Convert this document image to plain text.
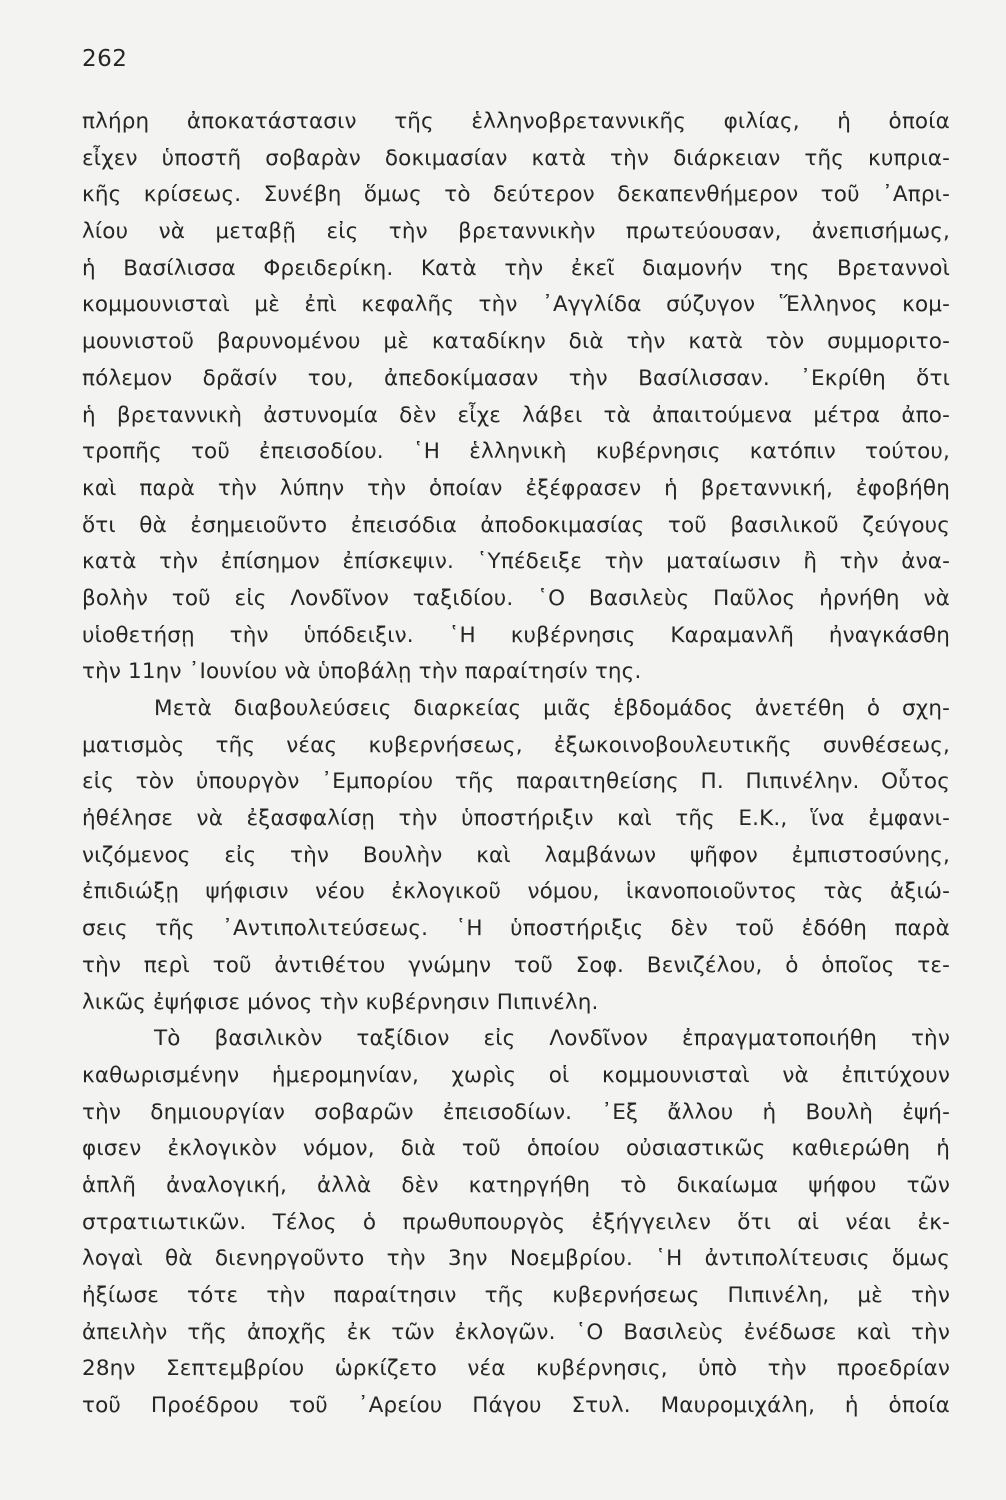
262
πλήρη ἀποκατάστασιν τῆς ἑλληνοβρεταννικῆς φιλίας, ἡ ὁποία
εἶχεν ὑποστῆ σοβαρὰν δοκιμασίαν κατὰ τὴν διάρκειαν τῆς κυπρια-
κῆς κρίσεως. Συνέβη ὅμως τὸ δεύτερον δεκαπενθήμερον τοῦ ᾿Απρι-
λίου νὰ μεταβῇ εἰς τὴν βρεταννικὴν πρωτεύουσαν, ἀνεπισήμως,
ἡ Βασίλισσα Φρειδερίκη. Κατὰ τὴν ἐκεῖ διαμονήν της Βρεταννοὶ
κομμουνισταὶ μὲ ἐπὶ κεφαλῆς τὴν ᾿Αγγλίδα σύζυγον Ἕλληνος κομ-
μουνιστοῦ βαρυνομένου μὲ καταδίκην διὰ τὴν κατὰ τὸν συμμοριτο-
πόλεμον δρᾶσίν του, ἀπεδοκίμασαν τὴν Βασίλισσαν. ᾿Εκρίθη ὅτι
ἡ βρεταννικὴ ἀστυνομία δὲν εἶχε λάβει τὰ ἀπαιτούμενα μέτρα ἀπο-
τροπῆς τοῦ ἐπεισοδίου. ῾Η ἑλληνικὴ κυβέρνησις κατόπιν τούτου,
καὶ παρὰ τὴν λύπην τὴν ὁποίαν ἐξέφρασεν ἡ βρεταννική, ἐφοβήθη
ὅτι θὰ ἐσημειοῦντο ἐπεισόδια ἀποδοκιμασίας τοῦ βασιλικοῦ ζεύγους
κατὰ τὴν ἐπίσημον ἐπίσκεψιν. ῾Υπέδειξε τὴν ματαίωσιν ἢ τὴν ἀνα-
βολὴν τοῦ εἰς Λονδῖνον ταξιδίου. ῾Ο Βασιλεὺς Παῦλος ἠρνήθη νὰ
υἱοθετήσῃ τὴν ὑπόδειξιν. ῾Η κυβέρνησις Καραμανλῆ ἠναγκάσθη
τὴν 11ην ᾿Ιουνίου νὰ ὑποβάλῃ τὴν παραίτησίν της.
Μετὰ διαβουλεύσεις διαρκείας μιᾶς ἑβδομάδος ἀνετέθη ὁ σχη-
ματισμὸς τῆς νέας κυβερνήσεως, ἐξωκοινοβουλευτικῆς συνθέσεως,
εἰς τὸν ὑπουργὸν ᾿Εμπορίου τῆς παραιτηθείσης Π. Πιπινέλην. Οὗτος
ἠθέλησε νὰ ἐξασφαλίσῃ τὴν ὑποστήριξιν καὶ τῆς Ε.Κ., ἵνα ἐμφανι-
νιζόμενος εἰς τὴν Βουλὴν καὶ λαμβάνων ψῆφον ἐμπιστοσύνης,
ἐπιδιώξῃ ψήφισιν νέου ἐκλογικοῦ νόμου, ἱκανοποιοῦντος τὰς ἀξιώ-
σεις τῆς ᾿Αντιπολιτεύσεως. ῾Η ὑποστήριξις δὲν τοῦ ἐδόθη παρὰ
τὴν περὶ τοῦ ἀντιθέτου γνώμην τοῦ Σοφ. Βενιζέλου, ὁ ὁποῖος τε-
λικῶς ἐψήφισε μόνος τὴν κυβέρνησιν Πιπινέλη.
Τὸ βασιλικὸν ταξίδιον εἰς Λονδῖνον ἐπραγματοποιήθη τὴν
καθωρισμένην ἡμερομηνίαν, χωρὶς οἱ κομμουνισταὶ νὰ ἐπιτύχουν
τὴν δημιουργίαν σοβαρῶν ἐπεισοδίων. ᾿Εξ ἄλλου ἡ Βουλὴ ἐψή-
φισεν ἐκλογικὸν νόμον, διὰ τοῦ ὁποίου οὐσιαστικῶς καθιερώθη ἡ
ἁπλῆ ἀναλογική, ἀλλὰ δὲν κατηργήθη τὸ δικαίωμα ψήφου τῶν
στρατιωτικῶν. Τέλος ὁ πρωθυπουργὸς ἐξήγγειλεν ὅτι αἱ νέαι ἐκ-
λογαὶ θὰ διενηργοῦντο τὴν 3ην Νοεμβρίου. ῾Η ἀντιπολίτευσις ὅμως
ἠξίωσε τότε τὴν παραίτησιν τῆς κυβερνήσεως Πιπινέλη, μὲ τὴν
ἀπειλὴν τῆς ἀποχῆς ἐκ τῶν ἐκλογῶν. ῾Ο Βασιλεὺς ἐνέδωσε καὶ τὴν
28ην Σεπτεμβρίου ὡρκίζετο νέα κυβέρνησις, ὑπὸ τὴν προεδρίαν
τοῦ Προέδρου τοῦ ᾿Αρείου Πάγου Στυλ. Μαυρομιχάλη, ἡ ὁποία
